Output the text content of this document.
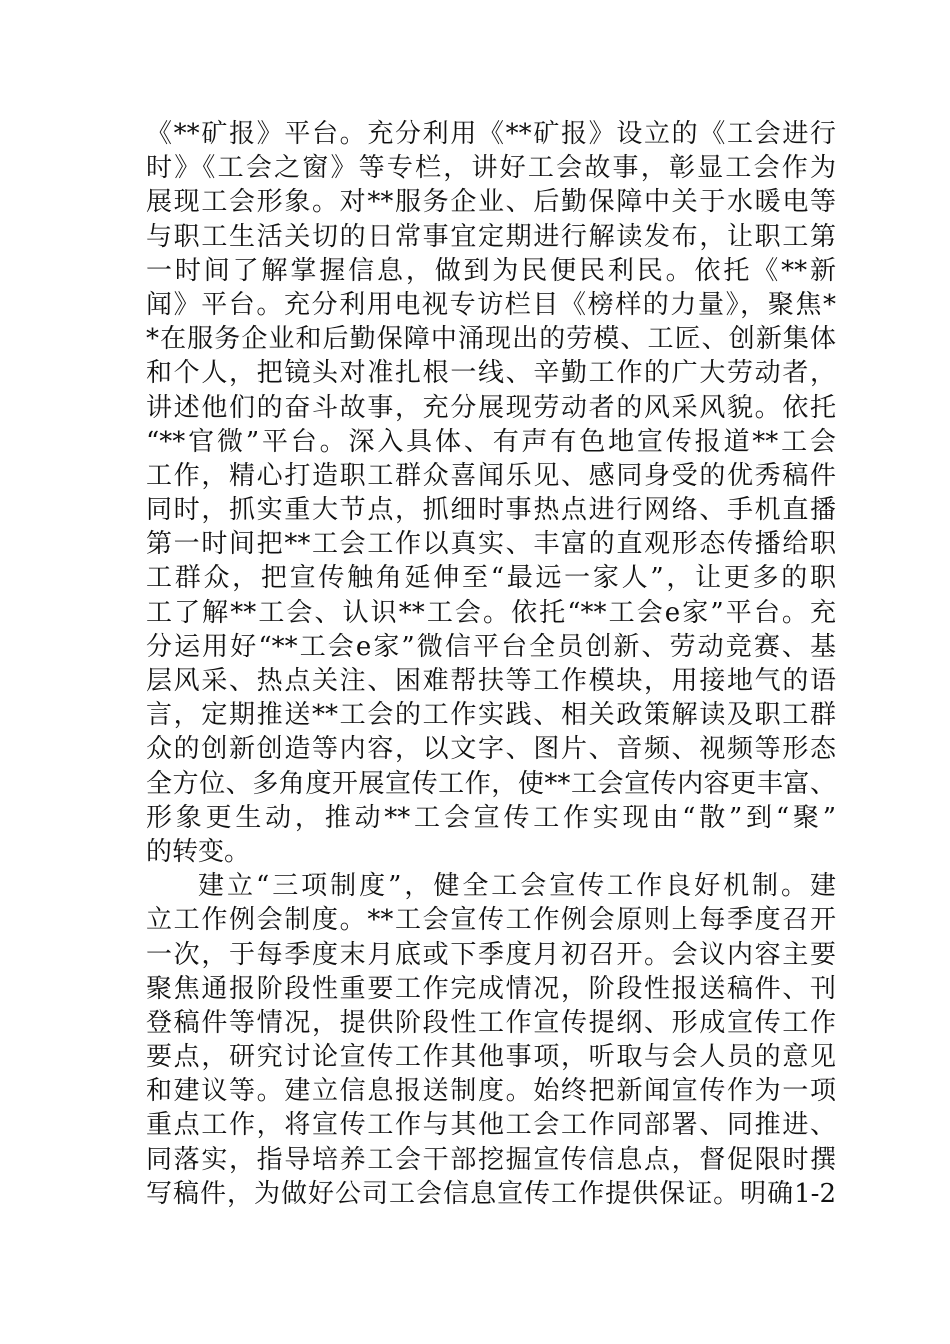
《**矿报》平台。充分利用《**矿报》设立的《工会进行
时》《工会之窗》等专栏，讲好工会故事，彰显工会作为
展现工会形象。对**服务企业、后勤保障中关于水暖电等
与职工生活关切的日常事宜定期进行解读发布，让职工第
一时间了解掌握信息，做到为民便民利民。依托《**新
闻》平台。充分利用电视专访栏目《榜样的力量》，聚焦*
*在服务企业和后勤保障中涌现出的劳模、工匠、创新集体
和个人，把镜头对准扎根一线、辛勤工作的广大劳动者，
讲述他们的奋斗故事，充分展现劳动者的风采风貌。依托
“**官微”平台。深入具体、有声有色地宣传报道**工会
工作，精心打造职工群众喜闻乐见、感同身受的优秀稿件
同时，抓实重大节点，抓细时事热点进行网络、手机直播
第一时间把**工会工作以真实、丰富的直观形态传播给职
工群众，把宣传触角延伸至“最远一家人”，让更多的职
工了解**工会、认识**工会。依托“**工会e家”平台。充
分运用好“**工会e家”微信平台全员创新、劳动竞赛、基
层风采、热点关注、困难帮扶等工作模块，用接地气的语
言，定期推送**工会的工作实践、相关政策解读及职工群
众的创新创造等内容，以文字、图片、音频、视频等形态
全方位、多角度开展宣传工作，使**工会宣传内容更丰富、
形象更生动，推动**工会宣传工作实现由“散”到“聚”
的转变。
建立“三项制度”，健全工会宣传工作良好机制。建
立工作例会制度。**工会宣传工作例会原则上每季度召开
一次，于每季度末月底或下季度月初召开。会议内容主要
聚焦通报阶段性重要工作完成情况，阶段性报送稿件、刊
登稿件等情况，提供阶段性工作宣传提纲、形成宣传工作
要点，研究讨论宣传工作其他事项，听取与会人员的意见
和建议等。建立信息报送制度。始终把新闻宣传作为一项
重点工作，将宣传工作与其他工会工作同部署、同推进、
同落实，指导培养工会干部挖掘宣传信息点，督促限时撰
写稿件，为做好公司工会信息宣传工作提供保证。明确1-2
